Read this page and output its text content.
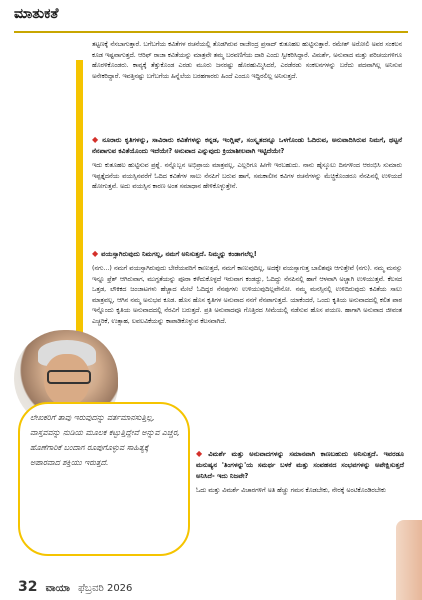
ಮಾತುಕತೆ

ತಟ್ಟಣಕ್ಕೆ ನೆಸಬಾಗುತ್ತಾರೆ. ಬಗೆಬಗೆಯ ಕವಿತೆಗಳ ರಚನೆಯಲ್ಲಿ ತೊಡಗಿರುವ ರಾಜೇಂದ್ರ ಪ್ರಸಾದ್ ಕುತೂಹಲ ಹುಟ್ಟಿಸುತ್ತಾರೆ. ರಮೇಶ್ ಅರೋಲಿ ಅವರ ಸಂಕಲನ ಕೂಡ ಇಷ್ಟವಾಗುತ್ತದೆ. ಆರಿಫ್ ರಾಜಾ ಕವಿತೆಯನ್ನು ಮಾತ್ರವೇ ತಮ್ಮ ಬರವಣಿಗೆಯ ದಾರಿ ಎಂದು ಸ್ವೀಕರಿಸಿದ್ದಾರೆ. ವಿಮರ್ಶೆ, ಅನುವಾದ ಮತ್ತು ಪರಿಚಯಗಳಿಗೂ ಹೊರಳಿಕೊಂಡರು. ಕಾವ್ಯಕ್ಕೆ ತೆತ್ತುಕೊಂಡ ಎರಡು ಮೂರು ಜನರಷ್ಟು ಹೊರಹುಮ್ಮಿಸಿದರೆ, ಎರಡೆರಡು ಸಂಕಲನಗಳನ್ನು ಬರೆದು ಪದವಾಗಿಲ್ಲ ಅನಿಸುವ ಅನೇಕರಿದ್ದಾರೆ. ಇವತ್ತಿನಷ್ಟು ಬಗೆಬಗೆಯ ಹಿನ್ನೆಲೆಯ ಬರಹಗಾರರು ಹಿಂದೆ ಎಂದೂ ಇದ್ದಿರಲಿಲ್ಲ ಅನಿಸುತ್ತದೆ.

◆ ನೂರಾರು ಕೃತಿಗಳನ್ನು, ಸಾವಿರಾರು ಕವಿತೆಗಳನ್ನು ಕನ್ನಡ, ಇಂಗ್ಲಿಷ್, ಸಂಸ್ಕೃತದನ್ನೂ ಒಳಗೊಂಡು ಓದಿರುವ, ಅನುವಾದಿಸಿರುವ ನಿಮಗೆ, ಥಟ್ಟನೆ ನೆನಪಾಗುವ ಕವಿತೆಯೊಂದು ಇದೆಯೇ? ಅನುವಾದ ಎನ್ನುವುದು ಕ್ರಿಯಾಶೀಲವಾಗಿ ಇಟ್ಟಿದೆಯೇ?

ಇದು ಕುತೂಹಲ ಹುಟ್ಟಿಸುವ ಪ್ರಶ್ನೆ. ನನ್ನೊಬ್ಬನ ಅಭಿಪ್ರಾಯ ಮಾತ್ರವಲ್ಲ, ಎಲ್ಲರಿಗೂ ಹೀಗೇ ಇರಬಹುದು. ನಾನು ಹೈಸ್ಕೂಲು ದಿನಗಳಿಂದ ಆರಂಭಿಸಿ ಸುಮಾರು ಇಪ್ಪತ್ತೈದನೆಯ ವಯಸ್ಸಿನವರೆಗೆ ಓದಿದ ಕವಿತೆಗಳ ಸಾಲು ನೆನಪಿಗೆ ಬರುವ ಹಾಗೆ, ಸಮಕಾಲೀನ ಕವಿಗಳ ರಚನೆಗಳನ್ನು ಮೆಚ್ಚಿಕೊಂಡರೂ ನೆನಪಿನಲ್ಲಿ ಉಳಿಯದೆ ಹೋಗುತ್ತವೆ. ಅದು ವಯಸ್ಸಿನ ಕಾರಣ ಅಂತ ಸಮಾಧಾನ ಹೇಳಿಕೊಳ್ಳುತ್ತೇನೆ.

◆ ವಯಸ್ಸಾಗಿರುವುದು ನಿಮಗಲ್ಲ, ನಮಗೆ ಅನಿಸುತ್ತದೆ. ನಿಮ್ಮನ್ನು ಕಂಡಾಗಲೆಲ್ಲ!

(ನಗು...) ನಮಗೆ ವಯಸ್ಸಾಗಿರುವುದು ಬೇರೆಯವರಿಗೆ ಕಾಣುತ್ತದೆ, ನಮಗೆ ಕಾಣುವುದಿಲ್ಲ, ಅದಕ್ಕೇ ವಯಸ್ಸಾಗುತ್ತ ಬಾಲಿಶವೂ ಆಗುತ್ತೇವೆ (ನಗು). ನಮ್ಮ ಮನಸ್ಸು ಇನ್ನೂ ಫ್ರೆಶ್ ಆಗಿರುವಾಗ, ಮುಗ್ಧತೆಯನ್ನು ಪೂರಾ ಕಳೆದುಕೊಳ್ಳದೆ ಇರುವಾಗ ಕಂಡದ್ದು, ಓದಿದ್ದು ನೆನಪಿನಲ್ಲಿ ಹಾಗೆ ಆಳವಾಗಿ ಅಚ್ಚಾಗಿ ಉಳಿಯುತ್ತವೆ. ಕೆಲಸದ ಒತ್ತಡ, ಲೌಕಿಕದ ಜಂಜಾಟಗಳು ಹೆಚ್ಚಾದ ಮೇಲೆ ಓದಿದ್ದರ ನೆನಪುಗಳು ಉಳಿಯುವುದಿಲ್ಲವೇನೋ. ನಮ್ಮ ಮನಸ್ಸಿನಲ್ಲಿ ಉಳಿದಿರುವುದು ಕವಿತೆಯ ಸಾಲು ಮಾತ್ರವಲ್ಲ, ಆಗಿನ ನಮ್ಮ ಅನುಭವ ಕೂಡ. ಹೊಸ ಹೊಸ ಕೃತಿಗಳ ಅನುವಾದ ನನಗೆ ನೆನಪಾಗುತ್ತದೆ. ಯಾಕೆಂದರೆ, ಒಂದು ಕೃತಿಯ ಅನುವಾದದಲ್ಲಿ ಕಲಿತ ಪಾಠ ಇನ್ನೊಂದು ಕೃತಿಯ ಅನುವಾದದಲ್ಲಿ ನೆರವಿಗೆ ಬರುತ್ತದೆ. ಪ್ರತಿ ಅನುವಾದವೂ ಗೊತ್ತಿರದ ಸೀಮೆಯಲ್ಲಿ ನಡೆಸುವ ಹೊಸ ಪಯಣ. ಹಾಗಾಗಿ ಅನುವಾದ ಜೀವಂತ ಎಚ್ಚರಿಕೆ, ಉತ್ಸಾಹ, ಲವಲವಿಕೆಯನ್ನು ಕಾಪಾಡಿಕೊಳ್ಳುವ ಕೆಲಸವಾಗಿದೆ.

ಲೇಖಕರಿಗೆ ತಾವು ಇರುವುದನ್ನು ವರ್ತಮಾನಸುತ್ತಿಲ್ಲ, ವಾಸ್ತವವನ್ನು ನುಡಿಯ ಮೂಲಕ ಕಟ್ಟುತ್ತಿದ್ದೇವೆ ಅನ್ನುವ ಎಚ್ಚರ, ಹೊಣೆಗಾರಿಕೆ ಬಂದಾಗ ರೂಪುಗೊಳ್ಳುವ ಸಾಹಿತ್ಯಕ್ಕೆ ಅಪಾರವಾದ ಶಕ್ತಿಯು ಇರುತ್ತದೆ.
◆ ವಿಮರ್ಶೆ ಮತ್ತು ಅನುವಾದಗಳನ್ನು ಸಮಾನವಾಗಿ ಕಾಣಬಹುದು ಅನಿಸುತ್ತದೆ. ಇವರಡೂ ಮನುಷ್ಯನ 'ತಿಂಗಳನ್ನು'ಯ ಸಮರ್ಥ ಬಳಕೆ ಮತ್ತು ಸಂವಹನದ ಸಂಭವಗಳನ್ನು ಅಪೇಕ್ಷಿಸುತ್ತದೆ ಅನಿಸಿದೆ- ಇದು ನಿಜವೇ?

ಓದು ಮತ್ತು ವಿಮರ್ಶೆ ವಿಚಾರಗಳಿಗೆ ಅತಿ ಹೆಚ್ಚು ಗಮನ ಕೊಡಬೇಕು, ನೇರಕ್ಕೆ ಅಂಟಿಕೊಂಡಿರಬೇಕು

32 ವಾಯಾ ಫೆಬ್ರವರಿ 2026
